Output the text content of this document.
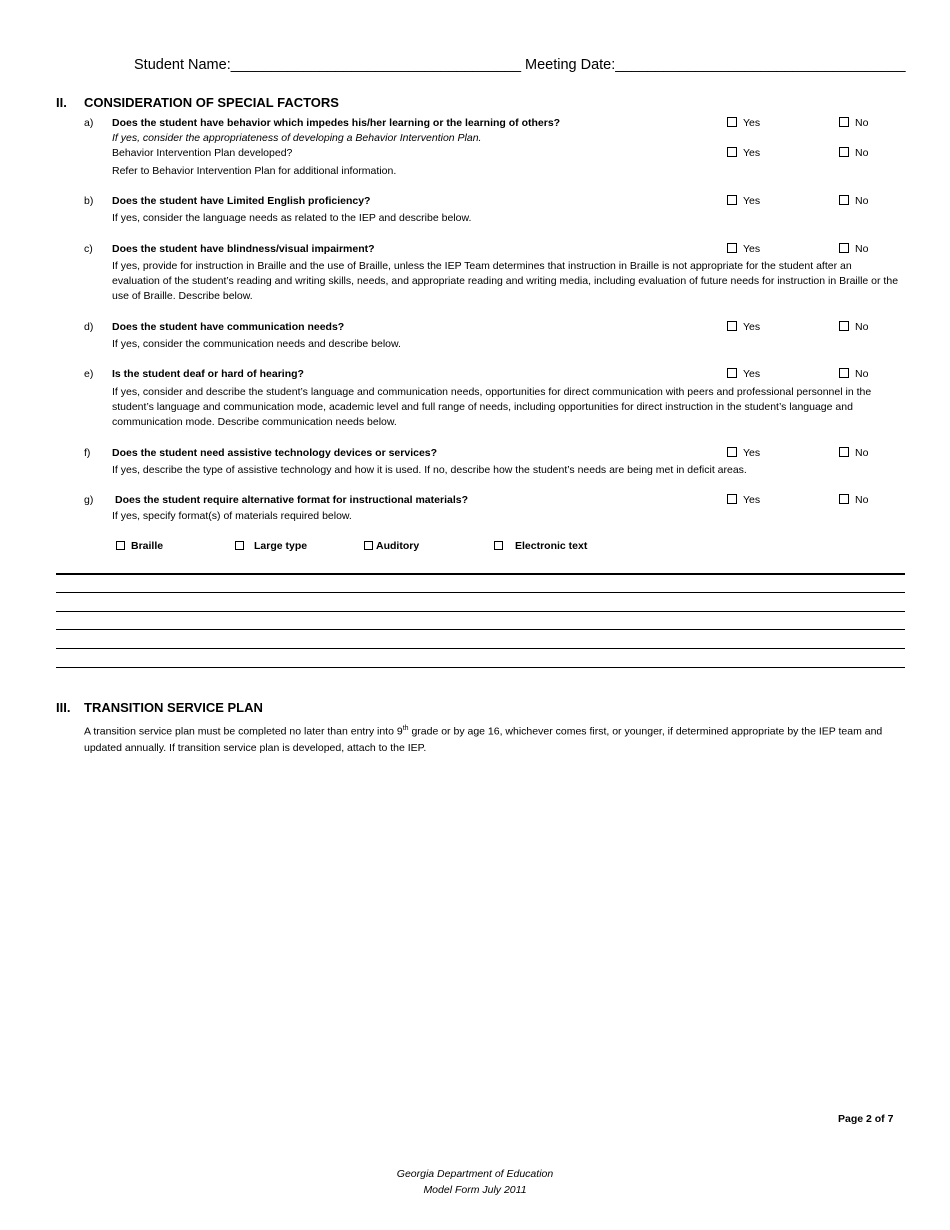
Student Name:____________________________________ Meeting Date:____________________________________
II. CONSIDERATION OF SPECIAL FACTORS
a) Does the student have behavior which impedes his/her learning or the learning of others?	Yes	No
If yes, consider the appropriateness of developing a Behavior Intervention Plan.
Behavior Intervention Plan developed?	Yes	No
Refer to Behavior Intervention Plan for additional information.
b) Does the student have Limited English proficiency?	Yes	No
If yes, consider the language needs as related to the IEP and describe below.
c) Does the student have blindness/visual impairment?	Yes	No
If yes, provide for instruction in Braille and the use of Braille, unless the IEP Team determines that instruction in Braille is not appropriate for the student after an evaluation of the student’s reading and writing skills, needs, and appropriate reading and writing media, including evaluation of future needs for instruction in Braille or the use of Braille. Describe below.
d) Does the student have communication needs?	Yes	No
If yes, consider the communication needs and describe below.
e) Is the student deaf or hard of hearing?	Yes	No
If yes, consider and describe the student’s language and communication needs, opportunities for direct communication with peers and professional personnel in the student’s language and communication mode, academic level and full range of needs, including opportunities for direct instruction in the student’s language and communication mode. Describe communication needs below.
f) Does the student need assistive technology devices or services?	Yes	No
If yes, describe the type of assistive technology and how it is used. If no, describe how the student’s needs are being met in deficit areas.
g) Does the student require alternative format for instructional materials?	Yes	No
If yes, specify format(s) of materials required below.
Braille	Large type	Auditory	Electronic text
III. TRANSITION SERVICE PLAN
A transition service plan must be completed no later than entry into 9th grade or by age 16, whichever comes first, or younger, if determined appropriate by the IEP team and updated annually. If transition service plan is developed, attach to the IEP.
Page 2 of 7
Georgia Department of Education
Model Form July 2011
